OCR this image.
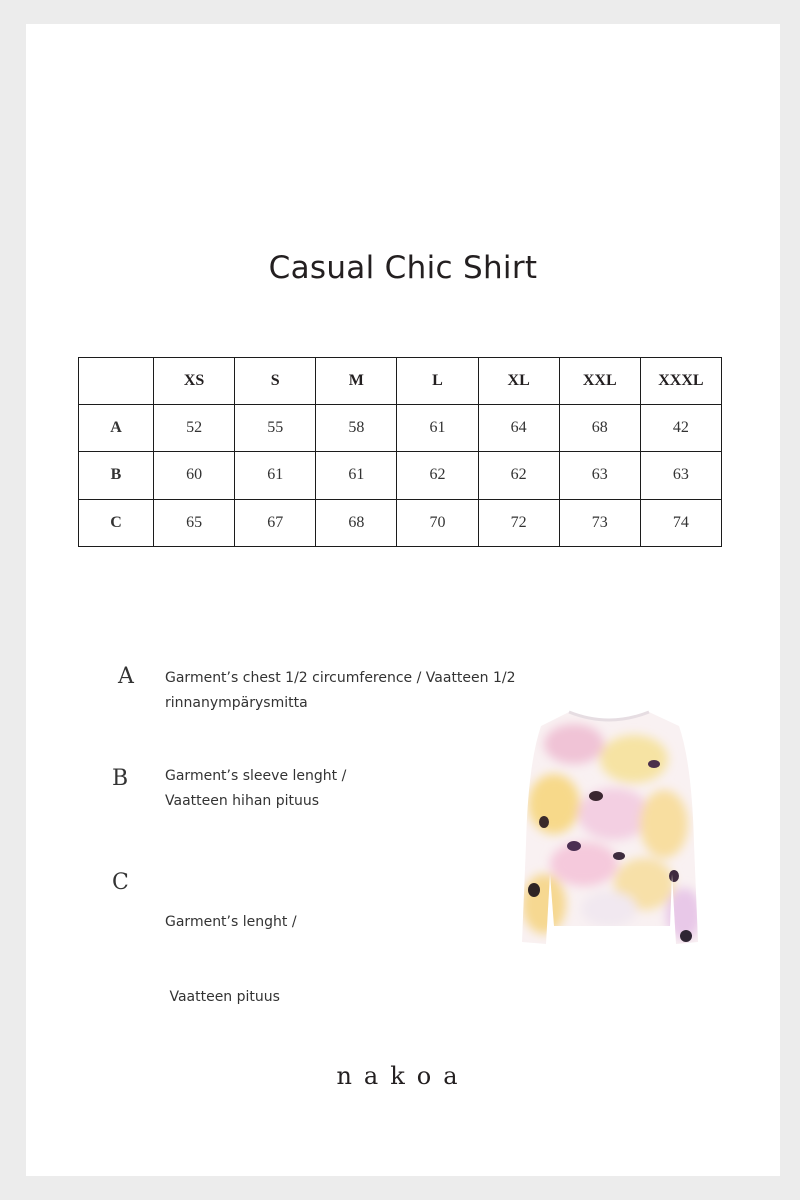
Casual Chic Shirt
	XS	S	M	L	XL	XXL	XXXL
A	52	55	58	61	64	68	42
B	60	61	61	62	62	63	63
C	65	67	68	70	72	73	74
A Garment’s chest 1/2 circumference / Vaatteen 1/2
rinnanympärysmitta
B	Garment’s sleeve lenght /
Vaatteen hihan pituus
C

Garment’s lenght /

Vaatteen pituus

nakoa
